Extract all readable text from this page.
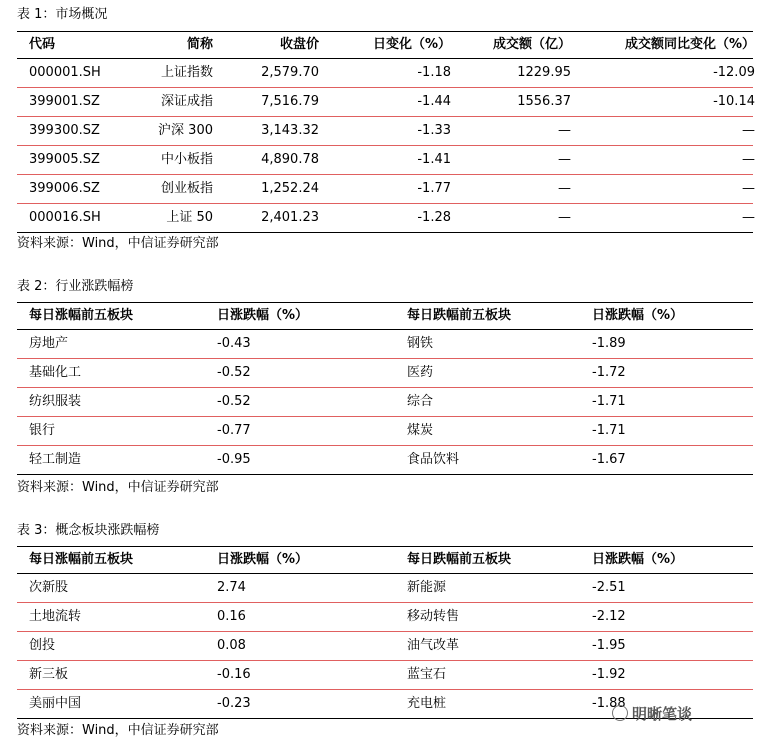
表 1：市场概况
代码	简称	收盘价	日变化（%）	成交额（亿）	成交额同比变化（%）
000001.SH	上证指数	2,579.70	-1.18	1229.95	-12.09
399001.SZ	深证成指	7,516.79	-1.44	1556.37	-10.14
399300.SZ	沪深 300	3,143.32	-1.33	—	—
399005.SZ	中小板指	4,890.78	-1.41	—	—
399006.SZ	创业板指	1,252.24	-1.77	—	—
000016.SH	上证 50	2,401.23	-1.28	—	—
资料来源：Wind，中信证券研究部
表 2：行业涨跌幅榜
每日涨幅前五板块	日涨跌幅（%）	每日跌幅前五板块	日涨跌幅（%）
房地产	-0.43	钢铁	-1.89
基础化工	-0.52	医药	-1.72
纺织服装	-0.52	综合	-1.71
银行	-0.77	煤炭	-1.71
轻工制造	-0.95	食品饮料	-1.67
资料来源：Wind，中信证券研究部
表 3：概念板块涨跌幅榜
每日涨幅前五板块	日涨跌幅（%）	每日跌幅前五板块	日涨跌幅（%）
次新股	2.74	新能源	-2.51
土地流转	0.16	移动转售	-2.12
创投	0.08	油气改革	-1.95
新三板	-0.16	蓝宝石	-1.92
美丽中国	-0.23	充电桩	-1.88
资料来源：Wind，中信证券研究部
明晰笔谈
